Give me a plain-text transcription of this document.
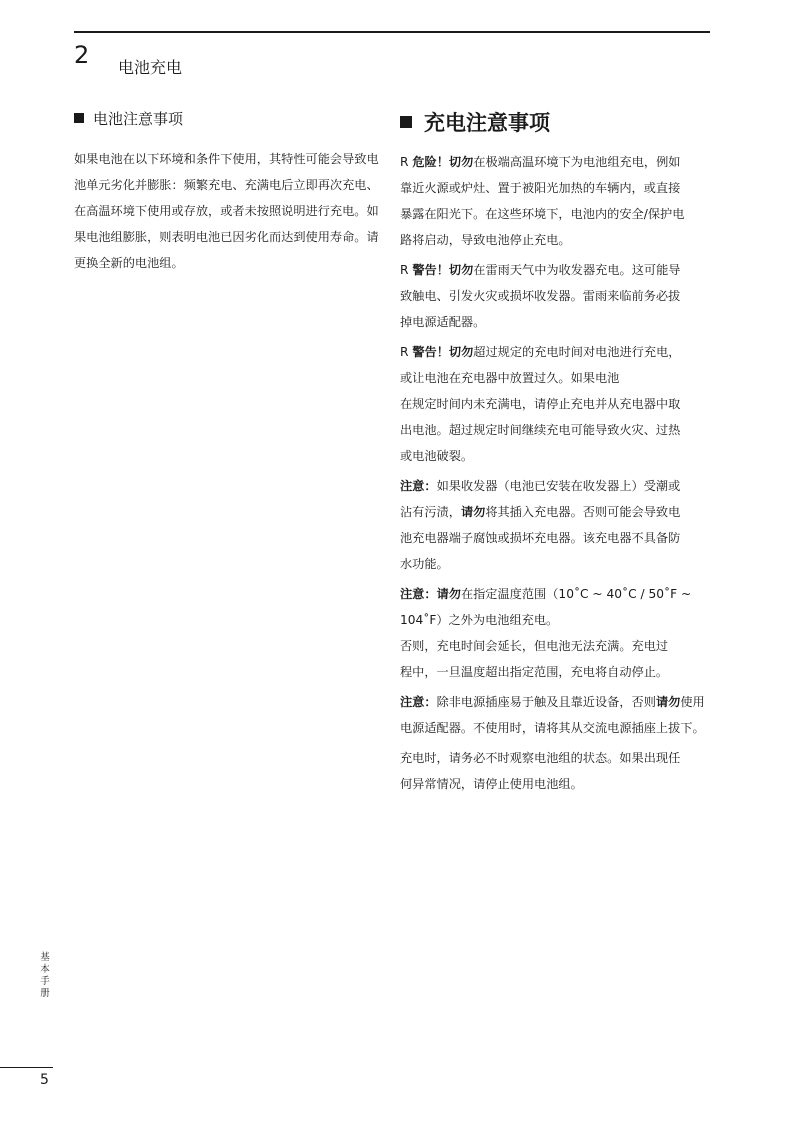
2 电池充电

电池注意事项

如果电池在以下环境和条件下使用，其特性可能会导致电池单元劣化并膨胀：频繁充电、充满电后立即再次充电、在高温环境下使用或存放，或者未按照说明进行充电。如果电池组膨胀，则表明电池已因劣化而达到使用寿命。请更换全新的电池组。

充电注意事项

R 危险！切勿在极端高温环境下为电池组充电，例如
靠近火源或炉灶、置于被阳光加热的车辆内，或直接
暴露在阳光下。在这些环境下，电池内的安全/保护电
路将启动，导致电池停止充电。

R 警告！切勿在雷雨天气中为收发器充电。这可能导
致触电、引发火灾或损坏收发器。雷雨来临前务必拔
掉电源适配器。

R 警告！切勿超过规定的充电时间对电池进行充电，
或让电池在充电器中放置过久。如果电池
在规定时间内未充满电，请停止充电并从充电器中取
出电池。超过规定时间继续充电可能导致火灾、过热
或电池破裂。

注意：如果收发器（电池已安装在收发器上）受潮或
沾有污渍，请勿将其插入充电器。否则可能会导致电
池充电器端子腐蚀或损坏充电器。该充电器不具备防
水功能。

注意：请勿在指定温度范围（10˚C ~ 40˚C / 50˚F ~
104˚F）之外为电池组充电。
否则，充电时间会延长，但电池无法充满。充电过
程中，一旦温度超出指定范围，充电将自动停止。

注意：除非电源插座易于触及且靠近设备，否则请勿使用
电源适配器。不使用时，请将其从交流电源插座上拔下。

充电时，请务必不时观察电池组的状态。如果出现任
何异常情况，请停止使用电池组。

基本手册
5
